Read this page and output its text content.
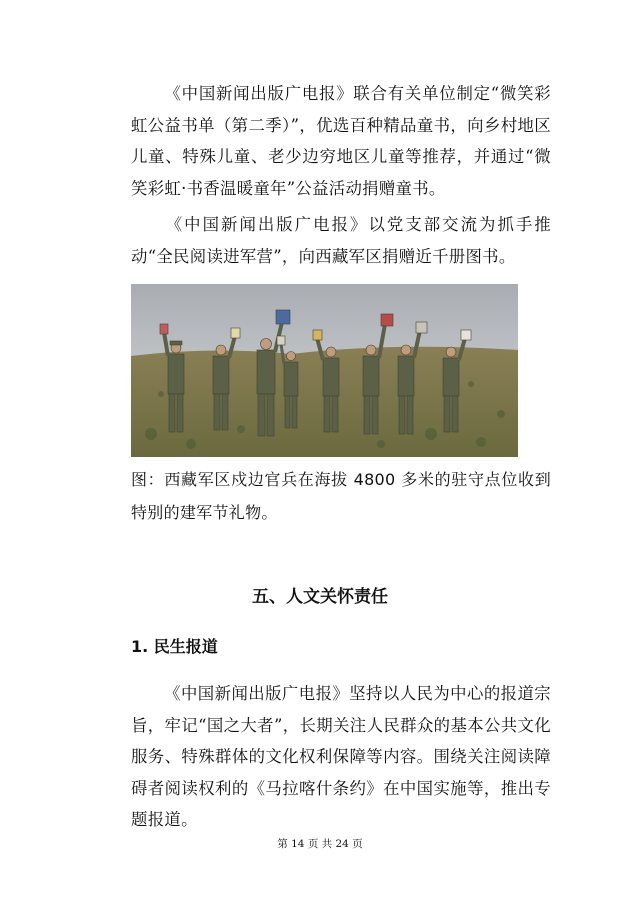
《中国新闻出版广电报》联合有关单位制定“微笑彩虹公益书单（第二季）”，优选百种精品童书，向乡村地区儿童、特殊儿童、老少边穷地区儿童等推荐，并通过“微笑彩虹·书香温暖童年”公益活动捐赠童书。

《中国新闻出版广电报》以党支部交流为抓手推动“全民阅读进军营”，向西藏军区捐赠近千册图书。

图：西藏军区戍边官兵在海拔 4800 多米的驻守点位收到特别的建军节礼物。

五、人文关怀责任
1. 民生报道

《中国新闻出版广电报》坚持以人民为中心的报道宗旨，牢记“国之大者”，长期关注人民群众的基本公共文化服务、特殊群体的文化权利保障等内容。围绕关注阅读障碍者阅读权利的《马拉喀什条约》在中国实施等，推出专题报道。

第 14 页 共 24 页
